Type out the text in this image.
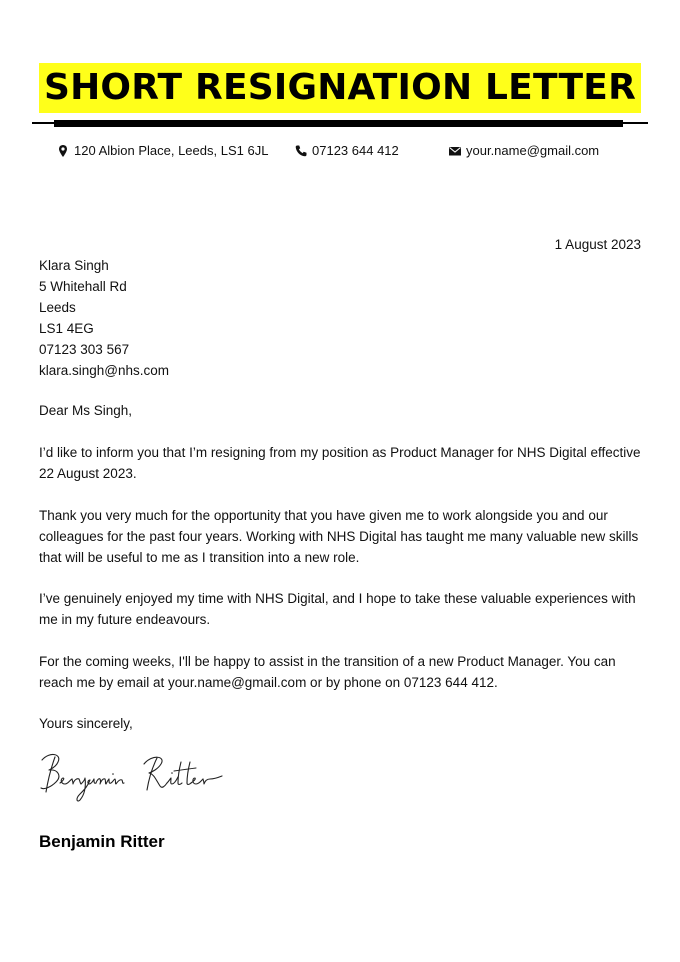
SHORT RESIGNATION LETTER
120 Albion Place, Leeds, LS1 6JL	07123 644 412	your.name@gmail.com
1 August 2023
Klara Singh
5 Whitehall Rd
Leeds
LS1 4EG
07123 303 567
klara.singh@nhs.com
Dear Ms Singh,

I’d like to inform you that I’m resigning from my position as Product Manager for NHS Digital effective 22 August 2023.

Thank you very much for the opportunity that you have given me to work alongside you and our colleagues for the past four years. Working with NHS Digital has taught me many valuable new skills that will be useful to me as I transition into a new role.

I’ve genuinely enjoyed my time with NHS Digital, and I hope to take these valuable experiences with me in my future endeavours.

For the coming weeks, I'll be happy to assist in the transition of a new Product Manager. You can reach me by email at your.name@gmail.com or by phone on 07123 644 412.

Yours sincerely,
Benjamin Ritter
